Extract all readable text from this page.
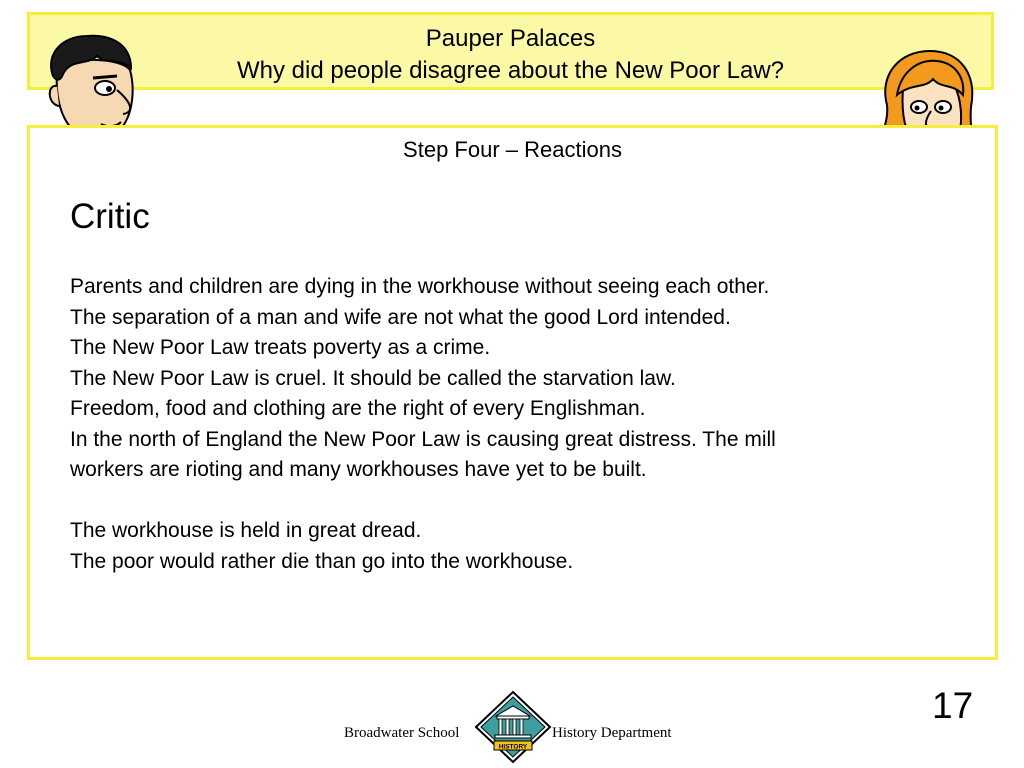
Pauper Palaces
Why did people disagree about the New Poor Law?
Step Four – Reactions
Critic
Parents and children are dying in the workhouse without seeing each other.
The separation of a man and wife are not what the good Lord intended.
The New Poor Law treats poverty as a crime.
The New Poor Law is cruel. It should be called the starvation law.
Freedom, food and clothing are the right of every Englishman.
In the north of England the New Poor Law is causing great distress. The mill
workers are rioting and many workhouses have yet to be built.
The workhouse is held in great dread.
The poor would rather die than go into the workhouse.
Broadwater School
HISTORY
History Department
17
